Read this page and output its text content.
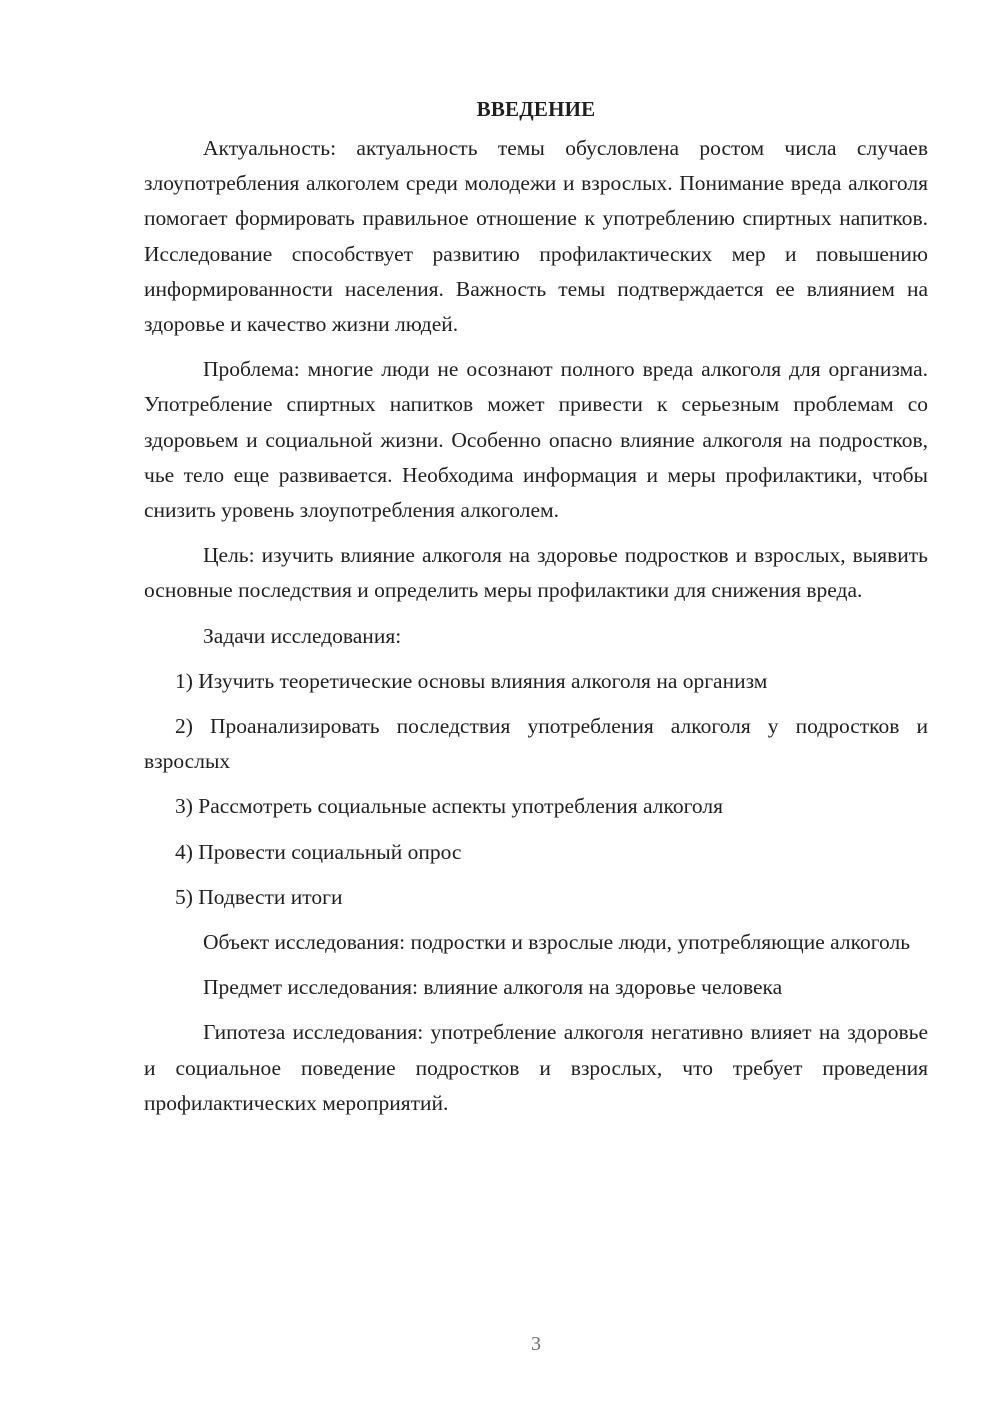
ВВЕДЕНИЕ

Актуальность: актуальность темы обусловлена ростом числа случаев злоупотребления алкоголем среди молодежи и взрослых. Понимание вреда алкоголя помогает формировать правильное отношение к употреблению спиртных напитков. Исследование способствует развитию профилактических мер и повышению информированности населения. Важность темы подтверждается ее влиянием на здоровье и качество жизни людей.

Проблема: многие люди не осознают полного вреда алкоголя для организма. Употребление спиртных напитков может привести к серьезным проблемам со здоровьем и социальной жизни. Особенно опасно влияние алкоголя на подростков, чье тело еще развивается. Необходима информация и меры профилактики, чтобы снизить уровень злоупотребления алкоголем.

Цель: изучить влияние алкоголя на здоровье подростков и взрослых, выявить основные последствия и определить меры профилактики для снижения вреда.

Задачи исследования:

1) Изучить теоретические основы влияния алкоголя на организм

2) Проанализировать последствия употребления алкоголя у подростков и взрослых

3) Рассмотреть социальные аспекты употребления алкоголя

4) Провести социальный опрос

5) Подвести итоги

Объект исследования: подростки и взрослые люди, употребляющие алкоголь

Предмет исследования: влияние алкоголя на здоровье человека

Гипотеза исследования: употребление алкоголя негативно влияет на здоровье и социальное поведение подростков и взрослых, что требует проведения профилактических мероприятий.

3
